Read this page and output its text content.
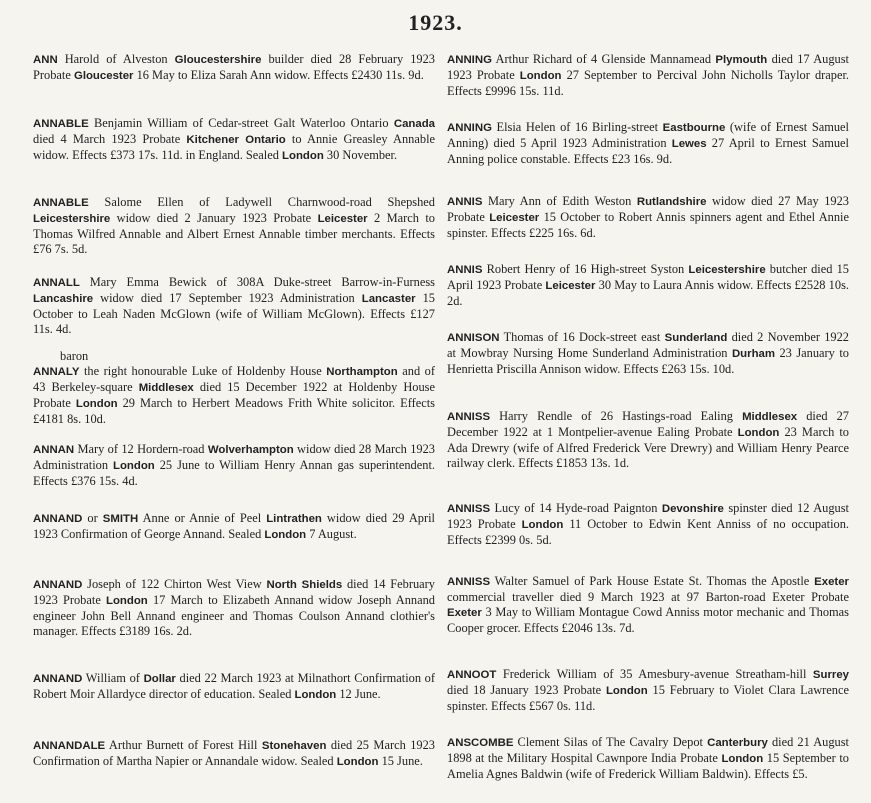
1923.

ANN Harold of Alveston Gloucestershire builder died 28 February 1923 Probate Gloucester 16 May to Eliza Sarah Ann widow. Effects £2430 11s. 9d.

ANNABLE Benjamin William of Cedar-street Galt Waterloo Ontario Canada died 4 March 1923 Probate Kitchener Ontario to Annie Greasley Annable widow. Effects £373 17s. 11d. in England. Sealed London 30 November.

ANNABLE Salome Ellen of Ladywell Charnwood-road Shepshed Leicestershire widow died 2 January 1923 Probate Leicester 2 March to Thomas Wilfred Annable and Albert Ernest Annable timber merchants. Effects £76 7s. 5d.

ANNALL Mary Emma Bewick of 308A Duke-street Barrow-in-Furness Lancashire widow died 17 September 1923 Administration Lancaster 15 October to Leah Naden McGlown (wife of William McGlown). Effects £127 11s. 4d.

baron
ANNALY the right honourable Luke of Holdenby House Northampton and of 43 Berkeley-square Middlesex died 15 December 1922 at Holdenby House Probate London 29 March to Herbert Meadows Frith White solicitor. Effects £4181 8s. 10d.

ANNAN Mary of 12 Hordern-road Wolverhampton widow died 28 March 1923 Administration London 25 June to William Henry Annan gas superintendent. Effects £376 15s. 4d.

ANNAND or SMITH Anne or Annie of Peel Lintrathen widow died 29 April 1923 Confirmation of George Annand. Sealed London 7 August.

ANNAND Joseph of 122 Chirton West View North Shields died 14 February 1923 Probate London 17 March to Elizabeth Annand widow Joseph Annand engineer John Bell Annand engineer and Thomas Coulson Annand clothier's manager. Effects £3189 16s. 2d.

ANNAND William of Dollar died 22 March 1923 at Milnathort Confirmation of Robert Moir Allardyce director of education. Sealed London 12 June.

ANNANDALE Arthur Burnett of Forest Hill Stonehaven died 25 March 1923 Confirmation of Martha Napier or Annandale widow. Sealed London 15 June.

ANNING Arthur Richard of 4 Glenside Mannamead Plymouth died 17 August 1923 Probate London 27 September to Percival John Nicholls Taylor draper. Effects £9996 15s. 11d.

ANNING Elsia Helen of 16 Birling-street Eastbourne (wife of Ernest Samuel Anning) died 5 April 1923 Administration Lewes 27 April to Ernest Samuel Anning police constable. Effects £23 16s. 9d.

ANNIS Mary Ann of Edith Weston Rutlandshire widow died 27 May 1923 Probate Leicester 15 October to Robert Annis spinners agent and Ethel Annie spinster. Effects £225 16s. 6d.

ANNIS Robert Henry of 16 High-street Syston Leicestershire butcher died 15 April 1923 Probate Leicester 30 May to Laura Annis widow. Effects £2528 10s. 2d.

ANNISON Thomas of 16 Dock-street east Sunderland died 2 November 1922 at Mowbray Nursing Home Sunderland Administration Durham 23 January to Henrietta Priscilla Annison widow. Effects £263 15s. 10d.

ANNISS Harry Rendle of 26 Hastings-road Ealing Middlesex died 27 December 1922 at 1 Montpelier-avenue Ealing Probate London 23 March to Ada Drewry (wife of Alfred Frederick Vere Drewry) and William Henry Pearce railway clerk. Effects £1853 13s. 1d.

ANNISS Lucy of 14 Hyde-road Paignton Devonshire spinster died 12 August 1923 Probate London 11 October to Edwin Kent Anniss of no occupation. Effects £2399 0s. 5d.

ANNISS Walter Samuel of Park House Estate St. Thomas the Apostle Exeter commercial traveller died 9 March 1923 at 97 Barton-road Exeter Probate Exeter 3 May to William Montague Cowd Anniss motor mechanic and Thomas Cooper grocer. Effects £2046 13s. 7d.

ANNOOT Frederick William of 35 Amesbury-avenue Streatham-hill Surrey died 18 January 1923 Probate London 15 February to Violet Clara Lawrence spinster. Effects £567 0s. 11d.

ANSCOMBE Clement Silas of The Cavalry Depot Canterbury died 21 August 1898 at the Military Hospital Cawnpore India Probate London 15 September to Amelia Agnes Baldwin (wife of Frederick William Baldwin). Effects £5.
